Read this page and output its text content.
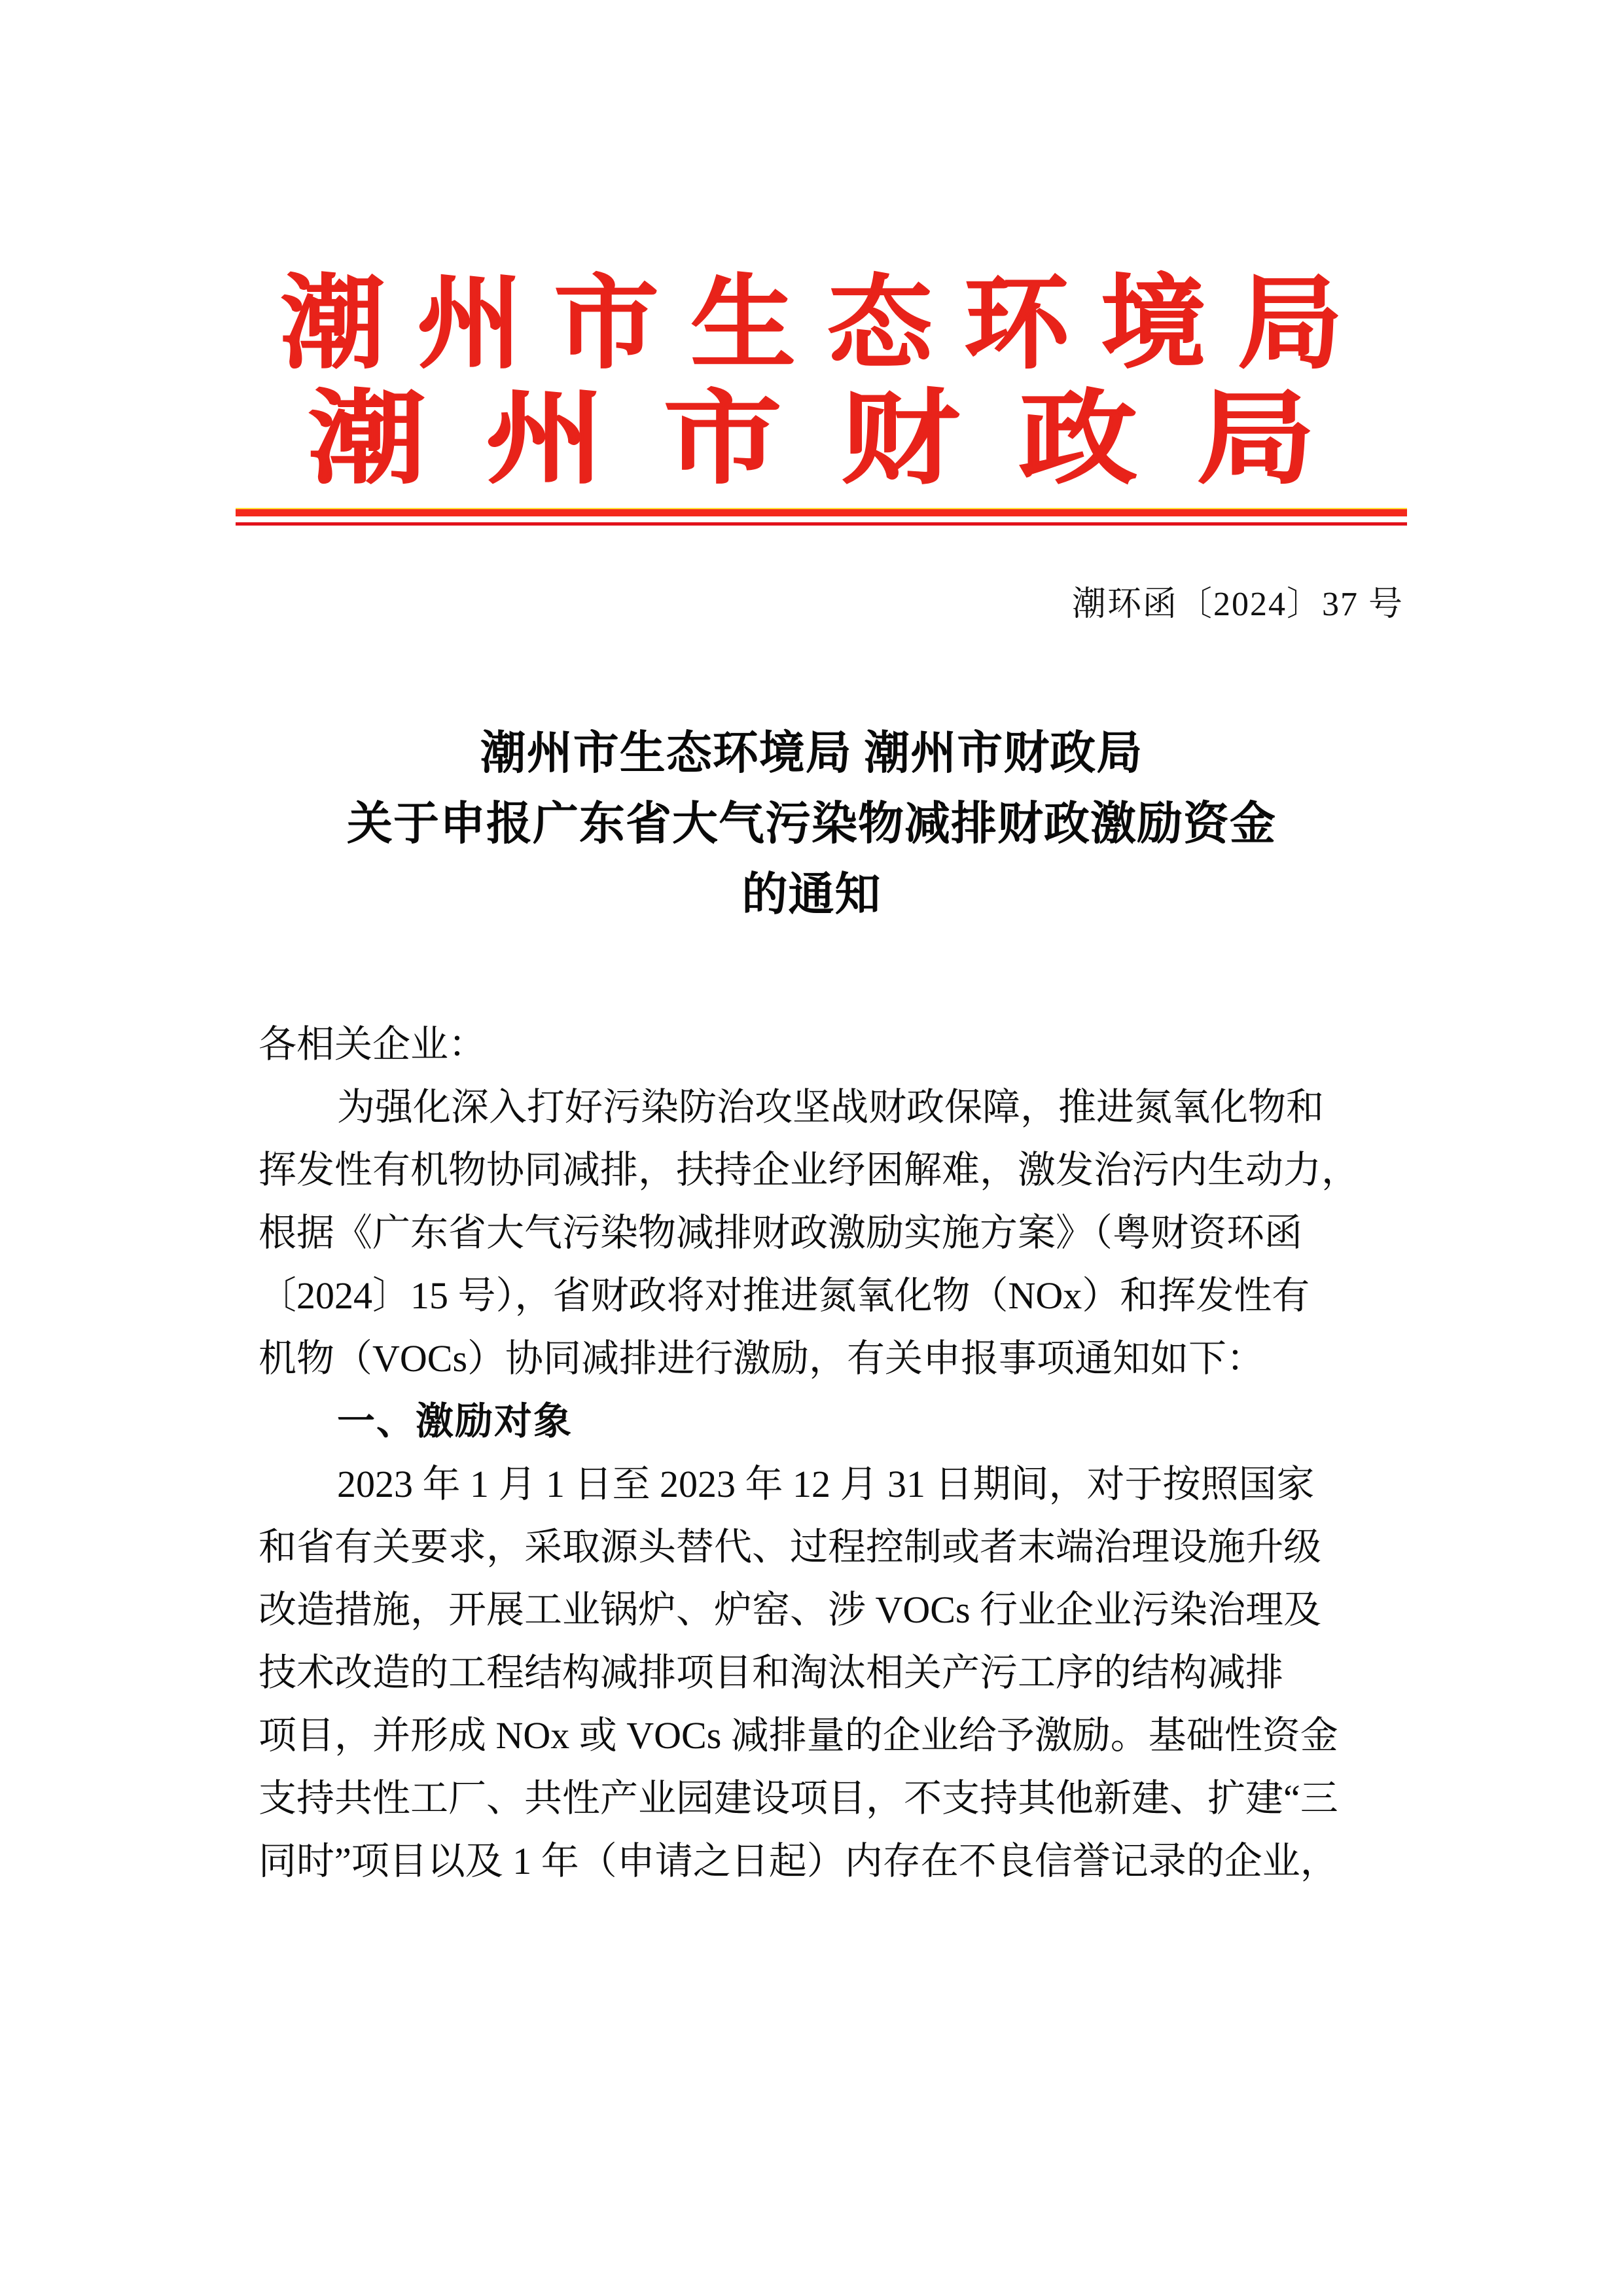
潮州市生态环境局 潮州市财政局
潮环函〔2024〕37 号
潮州市生态环境局 潮州市财政局
关于申报广东省大气污染物减排财政激励资金
的通知
各相关企业：
为强化深入打好污染防治攻坚战财政保障，推进氮氧化物和
挥发性有机物协同减排，扶持企业纾困解难，激发治污内生动力，
根据《广东省大气污染物减排财政激励实施方案》（粤财资环函
〔2024〕15 号），省财政将对推进氮氧化物（NOx）和挥发性有
机物（VOCs）协同减排进行激励，有关申报事项通知如下：
一、激励对象
2023 年 1 月 1 日至 2023 年 12 月 31 日期间，对于按照国家
和省有关要求，采取源头替代、过程控制或者末端治理设施升级
改造措施，开展工业锅炉、炉窑、涉 VOCs 行业企业污染治理及
技术改造的工程结构减排项目和淘汰相关产污工序的结构减排
项目，并形成 NOx 或 VOCs 减排量的企业给予激励。基础性资金
支持共性工厂、共性产业园建设项目，不支持其他新建、扩建“三
同时”项目以及 1 年（申请之日起）内存在不良信誉记录的企业，
